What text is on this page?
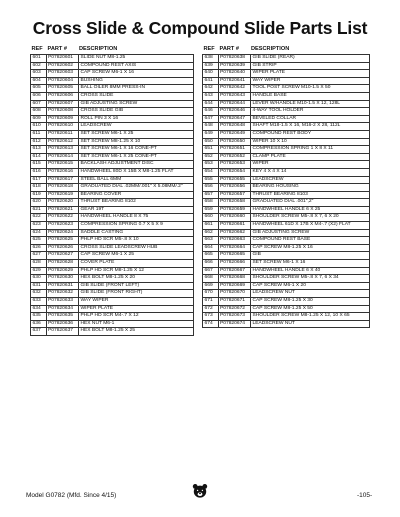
Cross Slide & Compound Slide Parts List
REF PART #	DESCRIPTION
601	P07820601	SLIDE NUT M8-1.25
602	P07820602	COMPOUND REST AXIS
603	P07820603	CAP SCREW M6-1 X 16
604	P07820604	BUSHING
605	P07820605	BALL OILER 8MM PRESS-IN
606	P07820606	CROSS SLIDE
607	P07820607	GIB ADJUSTING SCREW
608	P07820608	CROSS SLIDE GIB
609	P07820609	ROLL PIN 3 X 16
610	P07820610	LEADSCREW
611	P07820611	SET SCREW M6-1 X 25
612	P07820612	SET SCREW M8-1.25 X 10
613	P07820613	SET SCREW M6-1 X 16 CONE-PT
614	P07820614	SET SCREW M6-1 X 25 CONE-PT
615	P07820615	BACKLASH ADJUSTMENT DISC
616	P07820616	HANDWHEEL 80D X 15B X M8-1.25 FLAT
617	P07820617	STEEL BALL 6MM
618	P07820618	GRADUATED DIAL .02MM/.001" X 5.08MM/.2"
619	P07820619	BEARING COVER
620	P07820620	THRUST BEARING 8102
621	P07820621	GEAR 19T
622	P07820622	HANDWHEEL HANDLE 8 X 75
623	P07820623	COMPRESSION SPRING 0.7 X 5 X 9
624	P07820624	SADDLE CASTING
625	P07820625	PHLP HD SCR M5-.8 X 10
626	P07820626	CROSS SLIDE LEADSCREW HUB
627	P07820627	CAP SCREW M6-1 X 25
628	P07820628	COVER PLATE
629	P07820629	PHLP HD SCR M8-1.25 X 12
630	P07820630	HEX BOLT M8-1.25 X 20
631	P07820631	GIB SLIDE (FRONT LEFT)
632	P07820632	GIB SLIDE (FRONT RIGHT)
633	P07820633	WAY WIPER
634	P07820634	WIPER PLATE
635	P07820635	PHLP HD SCR M4-.7 X 12
636	P07820636	HEX NUT M6-1
637	P07820637	HEX BOLT M8-1.25 X 25
REF PART #	DESCRIPTION
638	P07820638	GIB SLIDE (REAR)
639	P07820639	GIB STRIP
640	P07820640	WIPER PLATE
641	P07820641	WAY WIPER
642	P07820642	TOOL POST SCREW M10-1.5 X 50
643	P07820643	HANDLE BASE
644	P07820644	LEVER W/HANDLE M10-1.5 X 12, 128L
646	P07820646	4-WAY TOOL HOLDER
647	P07820647	BEVELED COLLAR
648	P07820648	SHAFT M18-1.5 X 16, M16-2 X 28, 112L
649	P07820649	COMPOUND REST BODY
650	P07820650	WIPER 10 X 10
651	P07820651	COMPRESSION SPRING 1 X 8 X 11
652	P07820652	CLAMP PLATE
653	P07820653	WIPER
654	P07820654	KEY 4 X 4 X 14
655	P07820655	LEADSCREW
656	P07820656	BEARING HOUSING
657	P07820657	THRUST BEARING 8103
658	P07820658	GRADUATED DIAL .001",2"
659	P07820659	HANDWHEEL HANDLE 6 X 25
660	P07820660	SHOULDER SCREW M5-.8 X 7, 6 X 20
661	P07820661	HANDWHEEL 61D X 17B X M4-.7 (X2) FLAT
662	P07820662	GIB ADJUSTING SCREW
663	P07820663	COMPOUND REST BASE
664	P07820664	CAP SCREW M8-1.25 X 16
665	P07820665	GIB
666	P07820666	SET SCREW M6-1 X 16
667	P07820667	HANDWHEEL HANDLE 6 X 40
668	P07820668	SHOULDER SCREW M5-.8 X 7, 6 X 34
669	P07820669	CAP SCREW M6-1 X 20
670	P07820670	LEADSCREW NUT
671	P07820671	CAP SCREW M8-1.25 X 30
672	P07820672	CAP SCREW M8-1.25 X 50
673	P07820673	SHOULDER SCREW M8-1.25 X 12, 10 X 65
674	P07820674	LEADSCREW NUT
Model G0782 (Mfd. Since 4/15)	-105-
